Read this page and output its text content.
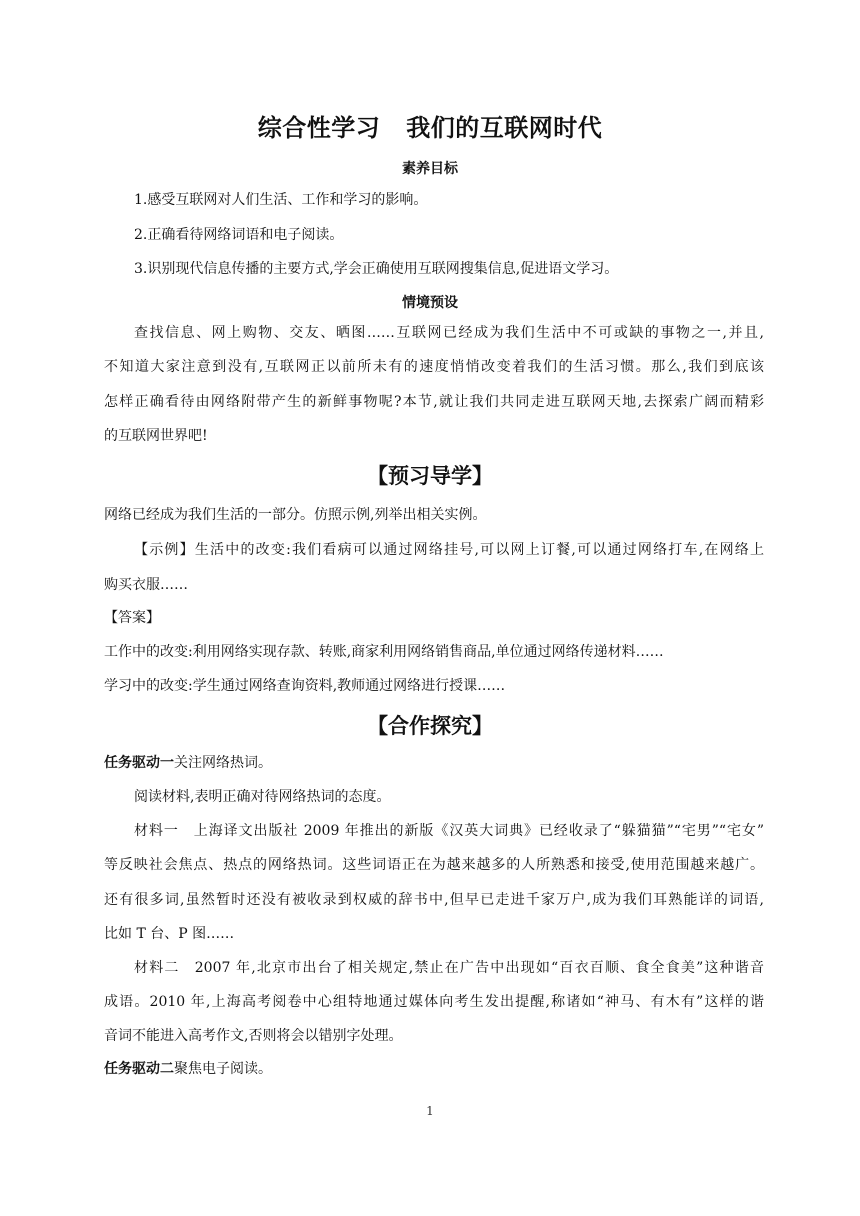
综合性学习 我们的互联网时代
素养目标
1.感受互联网对人们生活、工作和学习的影响。
2.正确看待网络词语和电子阅读。
3.识别现代信息传播的主要方式,学会正确使用互联网搜集信息,促进语文学习。
情境预设
查找信息、网上购物、交友、晒图……互联网已经成为我们生活中不可或缺的事物之一,并且,
不知道大家注意到没有,互联网正以前所未有的速度悄悄改变着我们的生活习惯。那么,我们到底该
怎样正确看待由网络附带产生的新鲜事物呢?本节,就让我们共同走进互联网天地,去探索广阔而精彩
的互联网世界吧!
【预习导学】
网络已经成为我们生活的一部分。仿照示例,列举出相关实例。
【示例】生活中的改变:我们看病可以通过网络挂号,可以网上订餐,可以通过网络打车,在网络上
购买衣服……
【答案】
工作中的改变:利用网络实现存款、转账,商家利用网络销售商品,单位通过网络传递材料……
学习中的改变:学生通过网络查询资料,教师通过网络进行授课……
【合作探究】
任务驱动一关注网络热词。
阅读材料,表明正确对待网络热词的态度。
材料一　上海译文出版社 2009 年推出的新版《汉英大词典》已经收录了“躲猫猫”“宅男”“宅女”
等反映社会焦点、热点的网络热词。这些词语正在为越来越多的人所熟悉和接受,使用范围越来越广。
还有很多词,虽然暂时还没有被收录到权威的辞书中,但早已走进千家万户,成为我们耳熟能详的词语,
比如 T 台、P 图……
材料二　2007 年,北京市出台了相关规定,禁止在广告中出现如“百衣百顺、食全食美”这种谐音
成语。2010 年,上海高考阅卷中心组特地通过媒体向考生发出提醒,称诸如“神马、有木有”这样的谐
音词不能进入高考作文,否则将会以错别字处理。
任务驱动二聚焦电子阅读。
1
